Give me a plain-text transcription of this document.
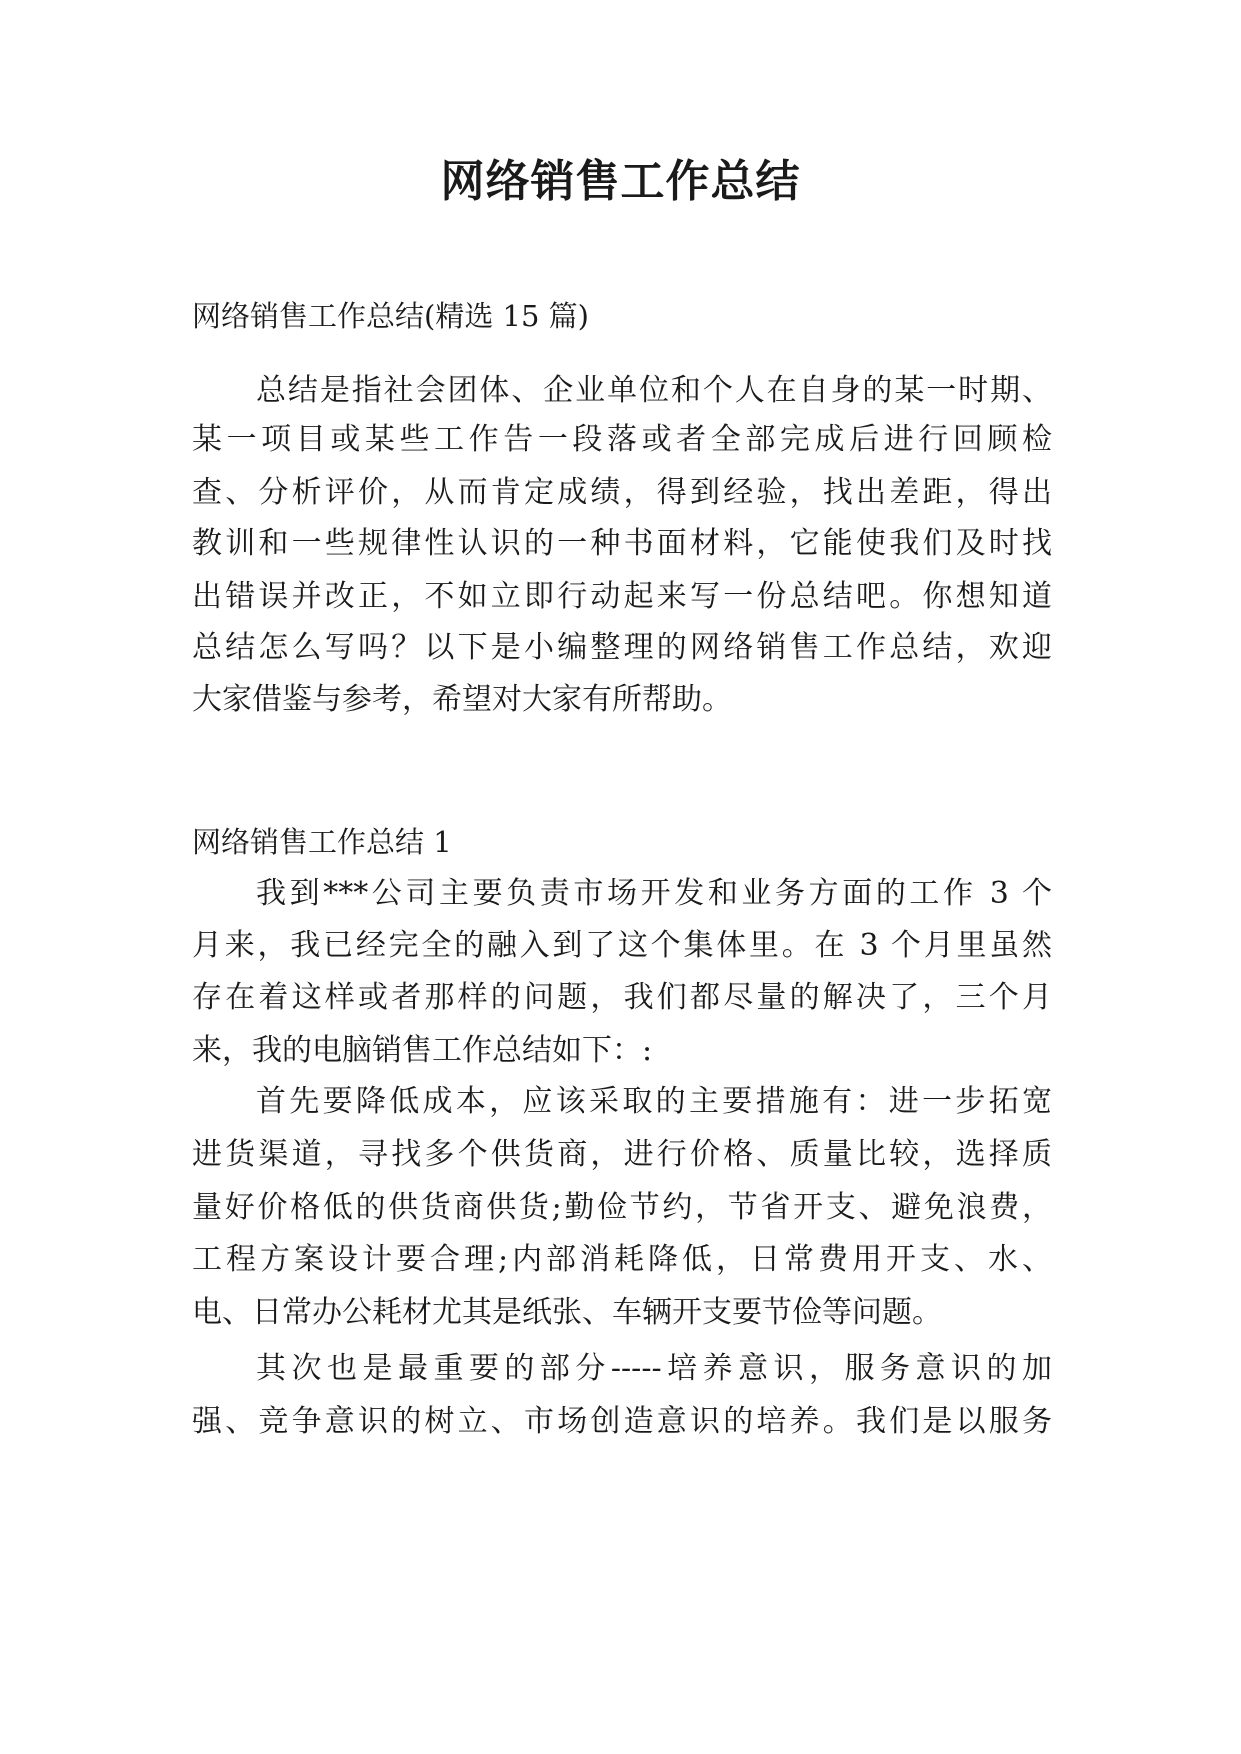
网络销售工作总结
网络销售工作总结(精选 15 篇)
总结是指社会团体、企业单位和个人在自身的某一时期、
某一项目或某些工作告一段落或者全部完成后进行回顾检
查、分析评价，从而肯定成绩，得到经验，找出差距，得出
教训和一些规律性认识的一种书面材料，它能使我们及时找
出错误并改正，不如立即行动起来写一份总结吧。你想知道
总结怎么写吗？以下是小编整理的网络销售工作总结，欢迎
大家借鉴与参考，希望对大家有所帮助。
网络销售工作总结 1
我到***公司主要负责市场开发和业务方面的工作 3 个
月来，我已经完全的融入到了这个集体里。在 3 个月里虽然
存在着这样或者那样的问题，我们都尽量的解决了，三个月
来，我的电脑销售工作总结如下：:
首先要降低成本，应该采取的主要措施有：进一步拓宽
进货渠道，寻找多个供货商，进行价格、质量比较，选择质
量好价格低的供货商供货;勤俭节约，节省开支、避免浪费，
工程方案设计要合理;内部消耗降低，日常费用开支、水、
电、日常办公耗材尤其是纸张、车辆开支要节俭等问题。
其次也是最重要的部分-----培养意识，服务意识的加
强、竞争意识的树立、市场创造意识的培养。我们是以服务
